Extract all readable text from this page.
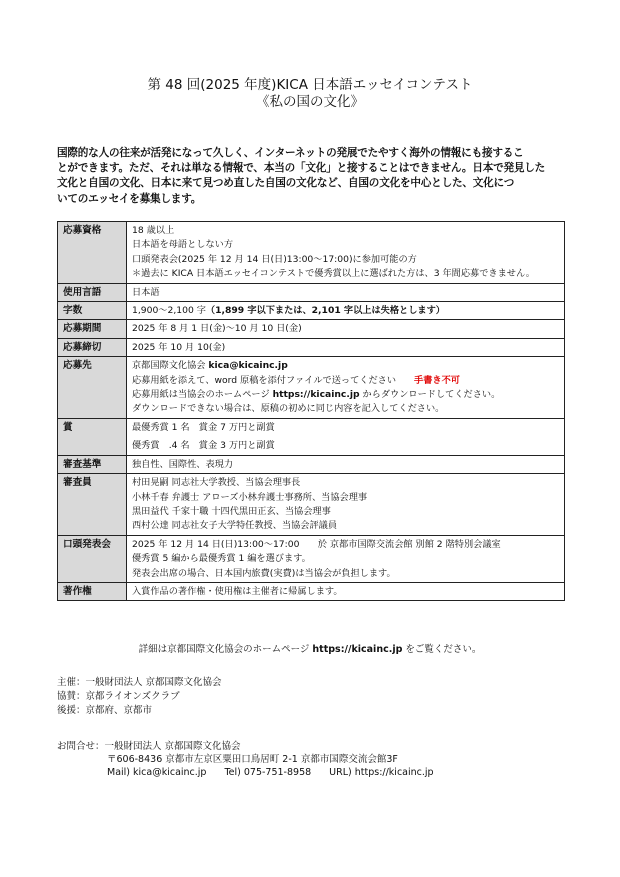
第 48 回(2025 年度)KICA 日本語エッセイコンテスト
《私の国の文化》
国際的な人の往来が活発になって久しく、インターネットの発展でたやすく海外の情報にも接するこ
とができます。ただ、それは単なる情報で、本当の「文化」と接することはできません。日本で発見した
文化と自国の文化、日本に来て見つめ直した自国の文化など、自国の文化を中心とした、文化につ
いてのエッセイを募集します。
応募資格	18 歳以上
日本語を母語としない方
口頭発表会(2025 年 12 月 14 日(日)13:00～17:00)に参加可能の方
＊過去に KICA 日本語エッセイコンテストで優秀賞以上に選ばれた方は、3 年間応募できません。

使用言語	日本語
字数	1,900～2,100 字（1,899 字以下または、2,101 字以上は失格とします）
応募期間	2025 年 8 月 1 日(金)～10 月 10 日(金)
応募締切	2025 年 10 月 10(金)
応募先	京都国際文化協会 kica@kicainc.jp
応募用紙を添えて、word 原稿を添付ファイルで送ってください 手書き不可
応募用紙は当協会のホームページ https://kicainc.jp からダウンロードしてください。
ダウンロードできない場合は、原稿の初めに同じ内容を記入してください。

賞	最優秀賞 1 名　賞金 7 万円と副賞
優秀賞　.4 名　賞金 3 万円と副賞

審査基準	独自性、国際性、表現力
審査員	村田晃嗣 同志社大学教授、当協会理事長
小林千春 弁護士 アローズ小林弁護士事務所、当協会理事
黒田益代 千家十職 十四代黒田正玄、当協会理事
西村公達 同志社女子大学特任教授、当協会評議員

口頭発表会	2025 年 12 月 14 日(日)13:00～17:00　　於 京都市国際交流会館 別館 2 階特別会議室
優秀賞 5 編から最優秀賞 1 編を選びます。
発表会出席の場合、日本国内旅費(実費)は当協会が負担します。

著作権	入賞作品の著作権・使用権は主催者に帰属します。
詳細は京都国際文化協会のホームページ https://kicainc.jp をご覧ください。
主催：一般財団法人 京都国際文化協会
協賛：京都ライオンズクラブ
後援：京都府、京都市
お問合せ：一般財団法人 京都国際文化協会
〒606-8436 京都市左京区粟田口鳥居町 2-1 京都市国際交流会館3F
Mail) kica@kicainc.jp Tel) 075-751-8958 URL) https://kicainc.jp
